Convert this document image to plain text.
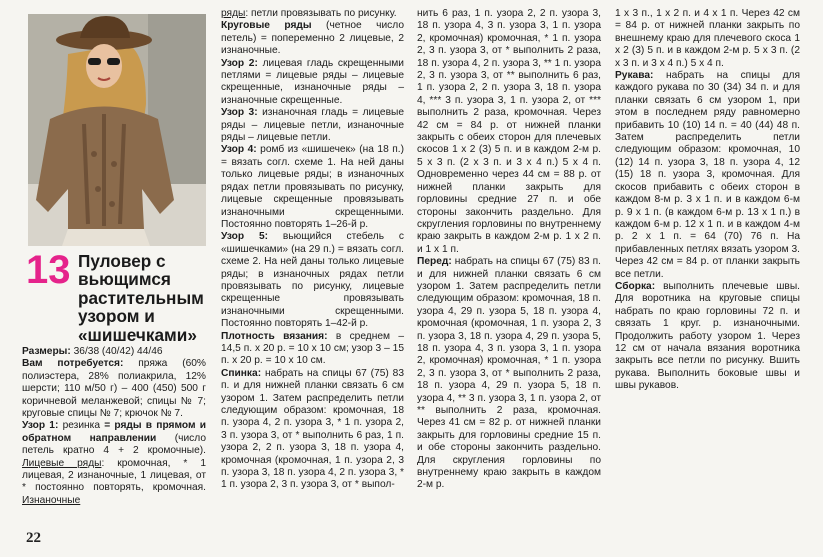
13 Пуловер с вьющимся растительным узором и «шишечками»

Размеры: 36/38 (40/42) 44/46

Вам потребуется: пряжа (60% полиэстера, 28% полиакрила, 12% шерсти; 110 м/50 г) – 400 (450) 500 г коричневой меланжевой; спицы № 7; круговые спицы № 7; крючок № 7.

Узор 1: резинка = ряды в прямом и обратном направлении (число петель кратно 4 + 2 кромочные). Лицевые ряды: кромочная, * 1 лицевая, 2 изнаночные, 1 лицевая, от * постоянно повторять, кромочная. Изнаночные

ряды: петли провязывать по рисунку.

Круговые ряды (четное число петель) = попеременно 2 лицевые, 2 изнаночные.

Узор 2: лицевая гладь скрещенными петлями = лицевые ряды – лицевые скрещенные, изнаночные ряды – изнаночные скрещенные.

Узор 3: изнаночная гладь = лицевые ряды – лицевые петли, изнаночные ряды – лицевые петли.

Узор 4: ромб из «шишечек» (на 18 п.) = вязать согл. схеме 1. На ней даны только лицевые ряды; в изнаночных рядах петли провязывать по рисунку, лицевые скрещенные провязывать изнаночными скрещенными. Постоянно повторять 1–26-й р.

Узор 5: вьющийся стебель с «шишечками» (на 29 п.) = вязать согл. схеме 2. На ней даны только лицевые ряды; в изнаночных рядах петли провязывать по рисунку, лицевые скрещенные провязывать изнаночными скрещенными. Постоянно повторять 1–42-й р.

Плотность вязания: в среднем – 14,5 п. x 20 р. = 10 x 10 см; узор 3 – 15 п. x 20 р. = 10 x 10 см.

Спинка: набрать на спицы 67 (75) 83 п. и для нижней планки связать 6 см узором 1. Затем распределить петли следующим образом: кромочная, 18 п. узора 4, 2 п. узора 3, * 1 п. узора 2, 3 п. узора 3, от * выполнить 6 раз, 1 п. узора 2, 2 п. узора 3, 18 п. узора 4, кромочная (кромочная, 1 п. узора 2, 3 п. узора 3, 18 п. узора 4, 2 п. узора 3, * 1 п. узора 2, 3 п. узора 3, от * выпол-

нить 6 раз, 1 п. узора 2, 2 п. узора 3, 18 п. узора 4, 3 п. узора 3, 1 п. узора 2, кромочная) кромочная, * 1 п. узора 2, 3 п. узора 3, от * выполнить 2 раза, 18 п. узора 4, 2 п. узора 3, ** 1 п. узора 2, 3 п. узора 3, от ** выполнить 6 раз, 1 п. узора 2, 2 п. узора 3, 18 п. узора 4, *** 3 п. узора 3, 1 п. узора 2, от *** выполнить 2 раза, кромочная. Через 42 см = 84 р. от нижней планки закрыть с обеих сторон для плечевых скосов 1 x 2 (3) 5 п. и в каждом 2-м р. 5 x 3 п. (2 x 3 п. и 3 x 4 п.) 5 x 4 п. Одновременно через 44 см = 88 р. от нижней планки закрыть для горловины средние 27 п. и обе стороны закончить раздельно. Для скругления горловины по внутреннему краю закрыть в каждом 2-м р. 1 x 2 п. и 1 x 1 п.

Перед: набрать на спицы 67 (75) 83 п. и для нижней планки связать 6 см узором 1. Затем распределить петли следующим образом: кромочная, 18 п. узора 4, 29 п. узора 5, 18 п. узора 4, кромочная (кромочная, 1 п. узора 2, 3 п. узора 3, 18 п. узора 4, 29 п. узора 5, 18 п. узора 4, 3 п. узора 3, 1 п. узора 2, кромочная) кромочная, * 1 п. узора 2, 3 п. узора 3, от * выполнить 2 раза, 18 п. узора 4, 29 п. узора 5, 18 п. узора 4, ** 3 п. узора 3, 1 п. узора 2, от ** выполнить 2 раза, кромочная. Через 41 см = 82 р. от нижней планки закрыть для горловины средние 15 п. и обе стороны закончить раздельно. Для скругления горловины по внутреннему краю закрыть в каждом 2-м р.

1 x 3 п., 1 x 2 п. и 4 x 1 п. Через 42 см = 84 р. от нижней планки закрыть по внешнему краю для плечевого скоса 1 x 2 (3) 5 п. и в каждом 2-м р. 5 x 3 п. (2 x 3 п. и 3 x 4 п.) 5 x 4 п.

Рукава: набрать на спицы для каждого рукава по 30 (34) 34 п. и для планки связать 6 см узором 1, при этом в последнем ряду равномерно прибавить 10 (10) 14 п. = 40 (44) 48 п. Затем распределить петли следующим образом: кромочная, 10 (12) 14 п. узора 3, 18 п. узора 4, 12 (15) 18 п. узора 3, кромочная. Для скосов прибавить с обеих сторон в каждом 8-м р. 3 x 1 п. и в каждом 6-м р. 9 x 1 п. (в каждом 6-м р. 13 x 1 п.) в каждом 6-м р. 12 x 1 п. и в каждом 4-м р. 2 x 1 п. = 64 (70) 76 п. На прибавленных петлях вязать узором 3. Через 42 см = 84 р. от планки закрыть все петли.

Сборка: выполнить плечевые швы. Для воротника на круговые спицы набрать по краю горловины 72 п. и связать 1 круг. р. изнаночными. Продолжить работу узором 1. Через 12 см от начала вязания воротника закрыть все петли по рисунку. Вшить рукава. Выполнить боковые швы и швы рукавов.

22
